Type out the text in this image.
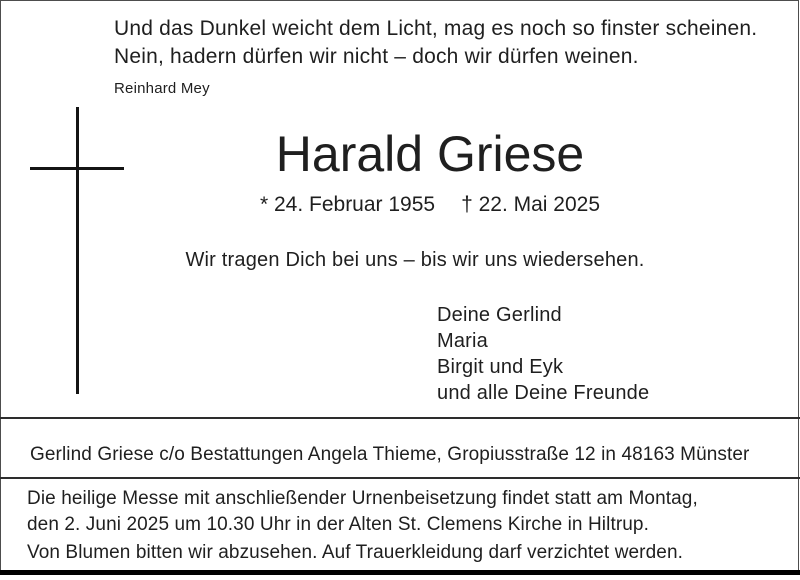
Und das Dunkel weicht dem Licht, mag es noch so finster scheinen.
Nein, hadern dürfen wir nicht – doch wir dürfen weinen.
Reinhard Mey
Harald Griese
* 24. Februar 1955 † 22. Mai 2025
Wir tragen Dich bei uns – bis wir uns wiedersehen.
Deine Gerlind
Maria
Birgit und Eyk
und alle Deine Freunde
Gerlind Griese c/o Bestattungen Angela Thieme, Gropiusstraße 12 in 48163 Münster
Die heilige Messe mit anschließender Urnenbeisetzung findet statt am Montag,
den 2. Juni 2025 um 10.30 Uhr in der Alten St. Clemens Kirche in Hiltrup.
Von Blumen bitten wir abzusehen. Auf Trauerkleidung darf verzichtet werden.
